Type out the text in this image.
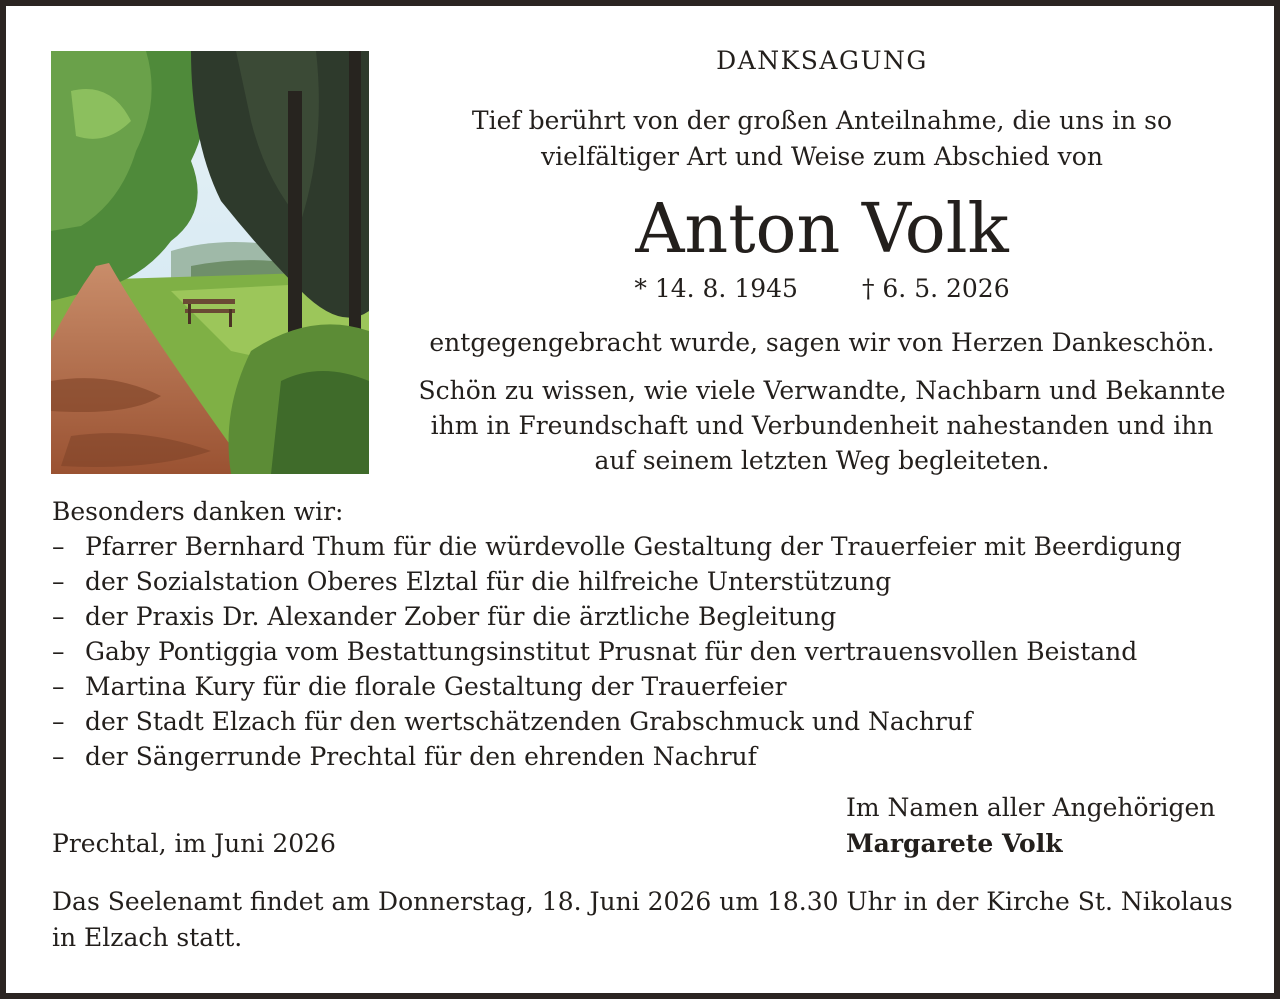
DANKSAGUNG
Tief berührt von der großen Anteilnahme, die uns in so
vielfältiger Art und Weise zum Abschied von
Anton Volk
* 14. 8. 1945	† 6. 5. 2026
entgegengebracht wurde, sagen wir von Herzen Dankeschön.
Schön zu wissen, wie viele Verwandte, Nachbarn und Bekannte
ihm in Freundschaft und Verbundenheit nahestanden und ihn
auf seinem letzten Weg begleiteten.
Besonders danken wir:
– Pfarrer Bernhard Thum für die würdevolle Gestaltung der Trauerfeier mit Beerdigung
– der Sozialstation Oberes Elztal für die hilfreiche Unterstützung
– der Praxis Dr. Alexander Zober für die ärztliche Begleitung
– Gaby Pontiggia vom Bestattungsinstitut Prusnat für den vertrauensvollen Beistand
– Martina Kury für die florale Gestaltung der Trauerfeier
– der Stadt Elzach für den wertschätzenden Grabschmuck und Nachruf
– der Sängerrunde Prechtal für den ehrenden Nachruf
Im Namen aller Angehörigen
Margarete Volk
Prechtal, im Juni 2026
Das Seelenamt findet am Donnerstag, 18. Juni 2026 um 18.30 Uhr in der Kirche St. Nikolaus
in Elzach statt.
